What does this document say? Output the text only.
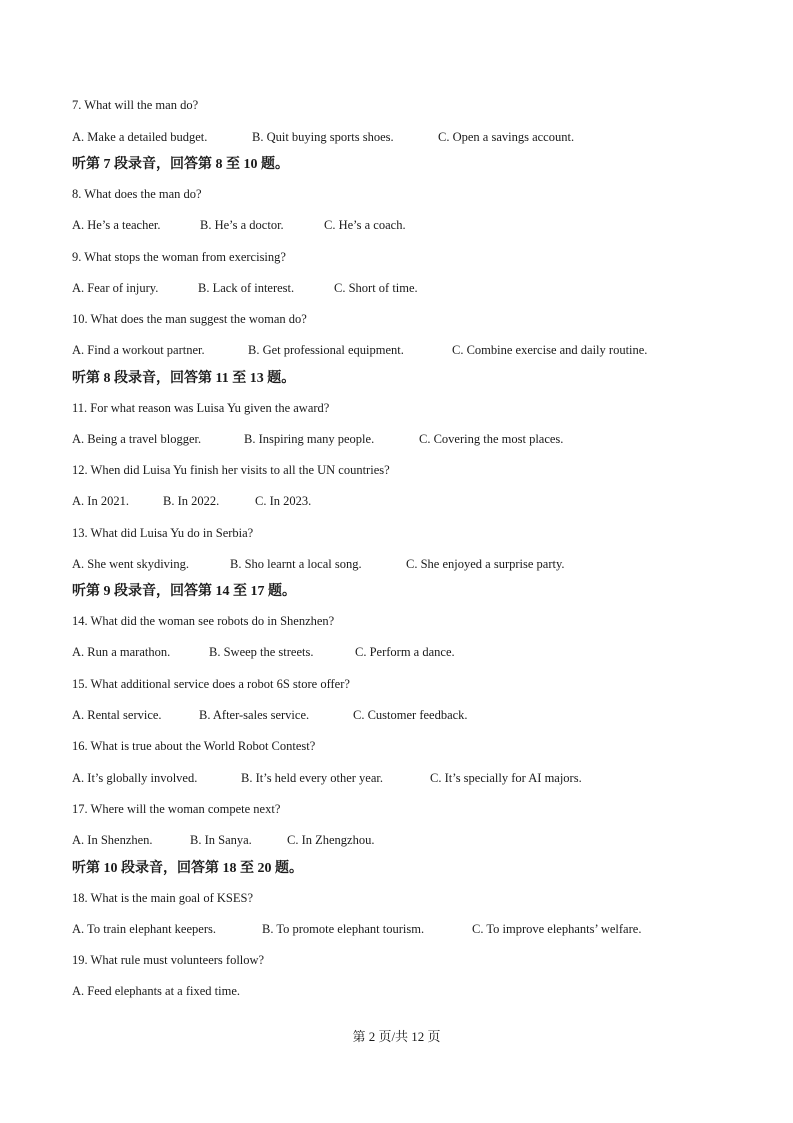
7. What will the man do?
A. Make a detailed budget.	B. Quit buying sports shoes.	C. Open a savings account.
听第 7 段录音，回答第 8 至 10 题。
8. What does the man do?
A. He’s a teacher.	B. He’s a doctor.	C. He’s a coach.
9. What stops the woman from exercising?
A. Fear of injury.	B. Lack of interest.	C. Short of time.
10. What does the man suggest the woman do?
A. Find a workout partner.	B. Get professional equipment.	C. Combine exercise and daily routine.
听第 8 段录音，回答第 11 至 13 题。
11. For what reason was Luisa Yu given the award?
A. Being a travel blogger.	B. Inspiring many people.	C. Covering the most places.
12. When did Luisa Yu finish her visits to all the UN countries?
A. In 2021.	B. In 2022.	C. In 2023.
13. What did Luisa Yu do in Serbia?
A. She went skydiving.	B. Sho learnt a local song.	C. She enjoyed a surprise party.
听第 9 段录音，回答第 14 至 17 题。
14. What did the woman see robots do in Shenzhen?
A. Run a marathon.	B. Sweep the streets.	C. Perform a dance.
15. What additional service does a robot 6S store offer?
A. Rental service.	B. After-sales service.	C. Customer feedback.
16. What is true about the World Robot Contest?
A. It’s globally involved.	B. It’s held every other year.	C. It’s specially for AI majors.
17. Where will the woman compete next?
A. In Shenzhen.	B. In Sanya.	C. In Zhengzhou.
听第 10 段录音，回答第 18 至 20 题。
18. What is the main goal of KSES?
A. To train elephant keepers.	B. To promote elephant tourism.	C. To improve elephants’ welfare.
19. What rule must volunteers follow?
A. Feed elephants at a fixed time.
第 2 页/共 12 页
